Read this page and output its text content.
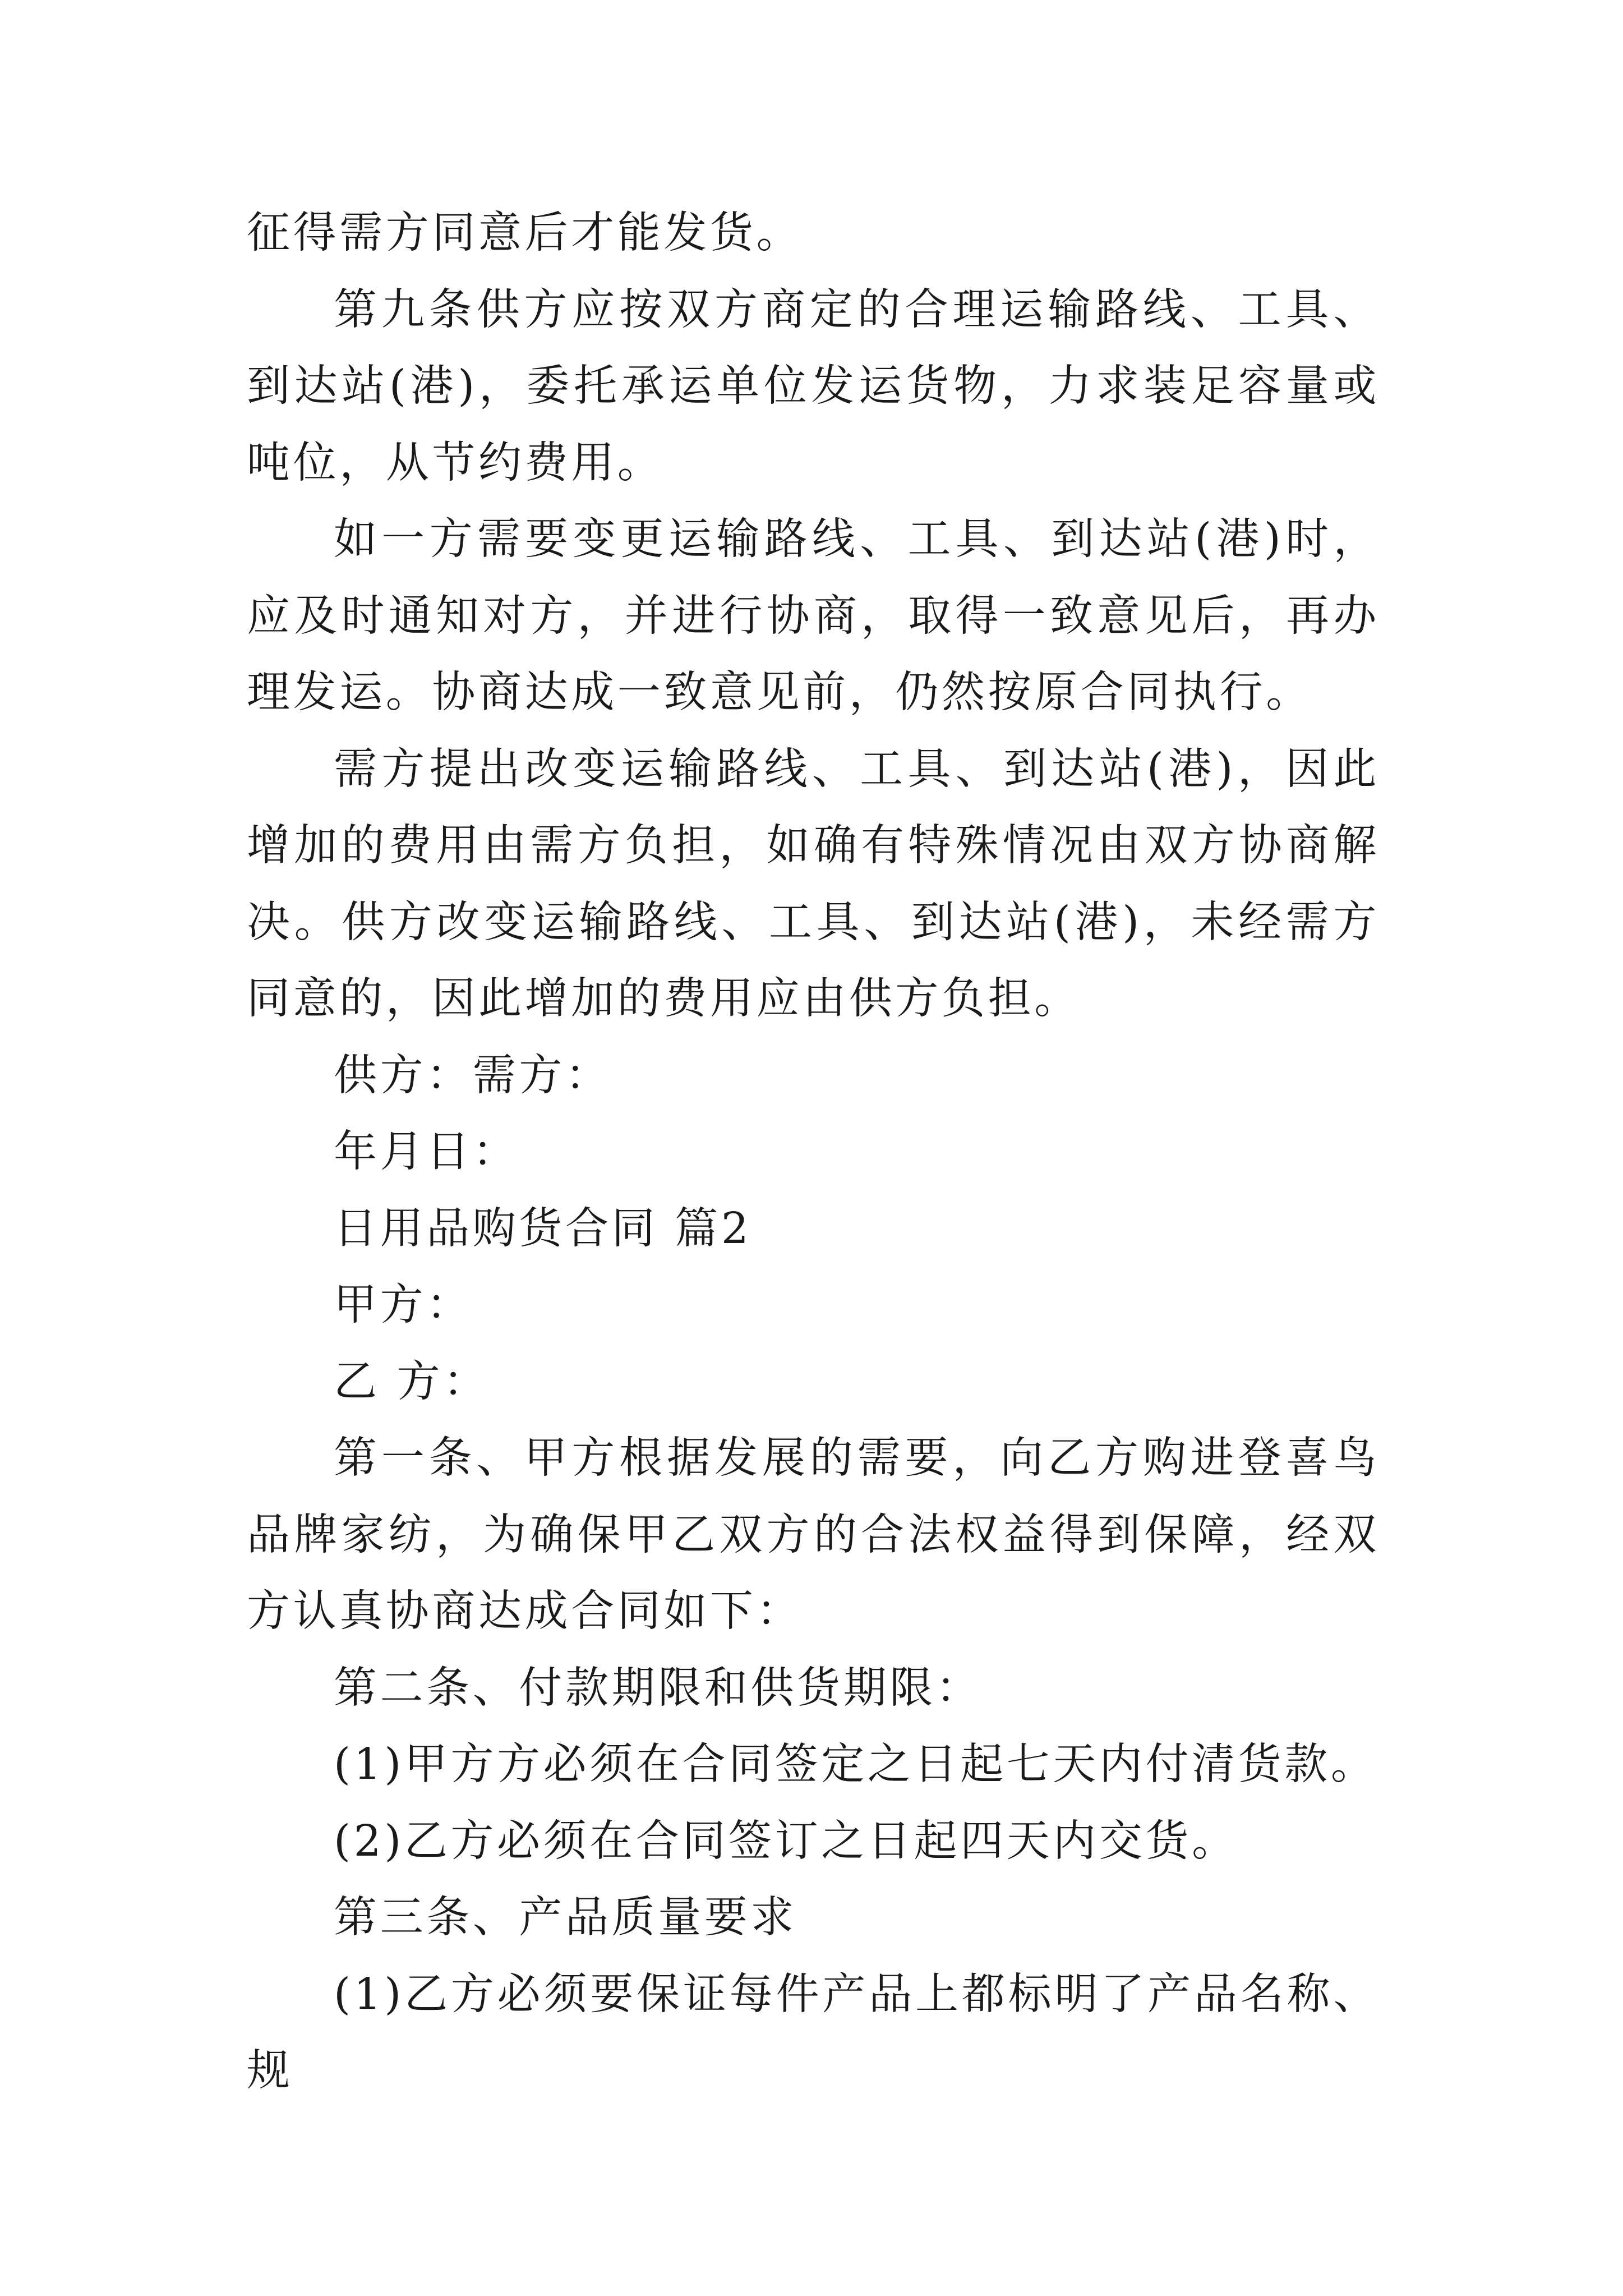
征得需方同意后才能发货。

第九条供方应按双方商定的合理运输路线、工具、到达站(港)，委托承运单位发运货物，力求装足容量或吨位，从节约费用。

如一方需要变更运输路线、工具、到达站(港)时，应及时通知对方，并进行协商，取得一致意见后，再办理发运。协商达成一致意见前，仍然按原合同执行。

需方提出改变运输路线、工具、到达站(港)，因此增加的费用由需方负担，如确有特殊情况由双方协商解决。供方改变运输路线、工具、到达站(港)，未经需方同意的，因此增加的费用应由供方负担。

供方：需方：

年月日：

日用品购货合同 篇2

甲方：

乙 方：

第一条、甲方根据发展的需要，向乙方购进登喜鸟品牌家纺，为确保甲乙双方的合法权益得到保障，经双方认真协商达成合同如下：

第二条、付款期限和供货期限：

(1)甲方方必须在合同签定之日起七天内付清货款。

(2)乙方必须在合同签订之日起四天内交货。

第三条、产品质量要求

(1)乙方必须要保证每件产品上都标明了产品名称、规
